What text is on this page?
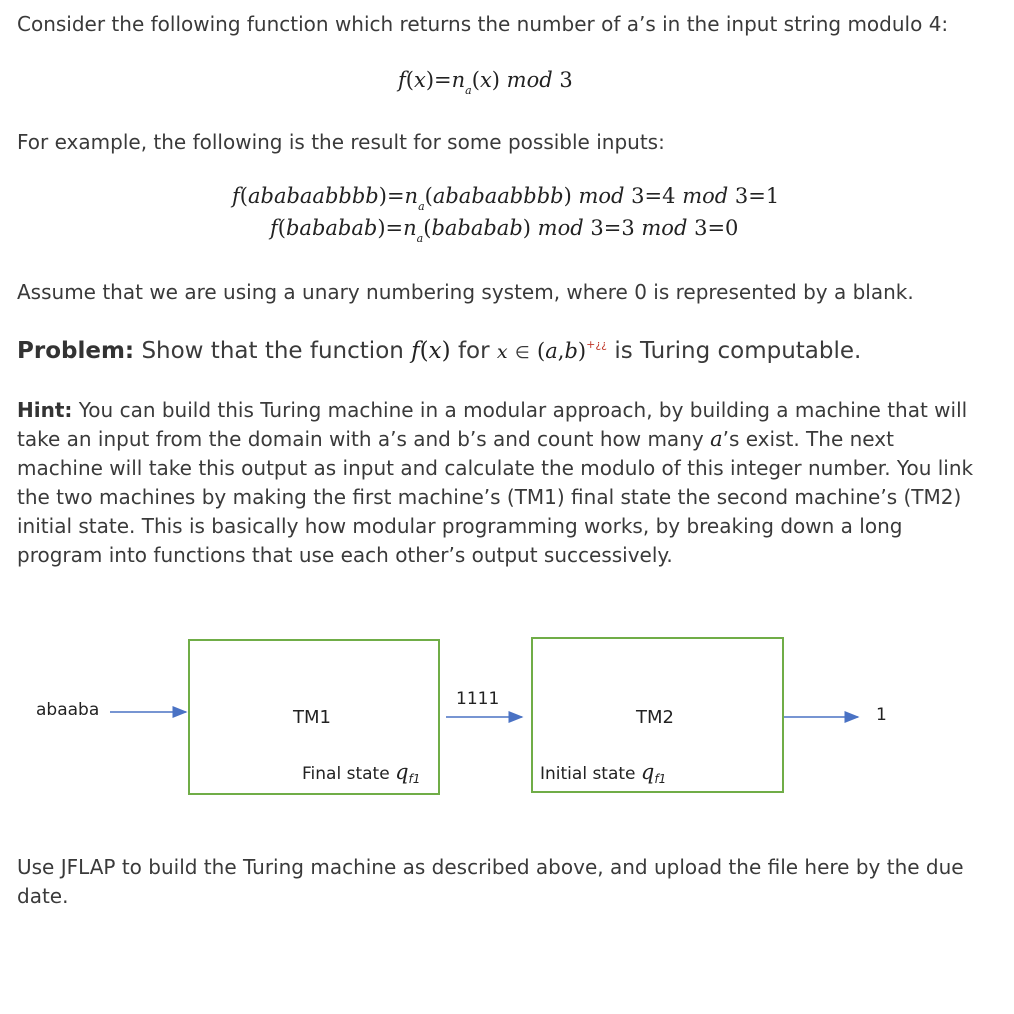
Consider the following function which returns the number of a’s in the input string modulo 4:
$f(x)=n_a(x)$ mod 3
For example, the following is the result for some possible inputs:
$f(ababaabbbb)=n_a(ababaabbbb)$ mod 3=4 mod 3=1
$f(bababab)=n_a(bababab)$ mod 3=3 mod 3=0
Assume that we are using a unary numbering system, where 0 is represented by a blank.
Problem: Show that the function f(x) for x ∈ (a,b)+¿¿ is Turing computable.
Hint: You can build this Turing machine in a modular approach, by building a machine that will take an input from the domain with a’s and b’s and count how many a’s exist. The next machine will take this output as input and calculate the modulo of this integer number. You link the two machines by making the first machine’s (TM1) final state the second machine’s (TM2) initial state. This is basically how modular programming works, by breaking down a long program into functions that use each other’s output successively.
abaaba	TM1
Final state $q_{f1}$
1111
TM2
Initial state $q_{f1}$
1
Use JFLAP to build the Turing machine as described above, and upload the file here by the due date.
